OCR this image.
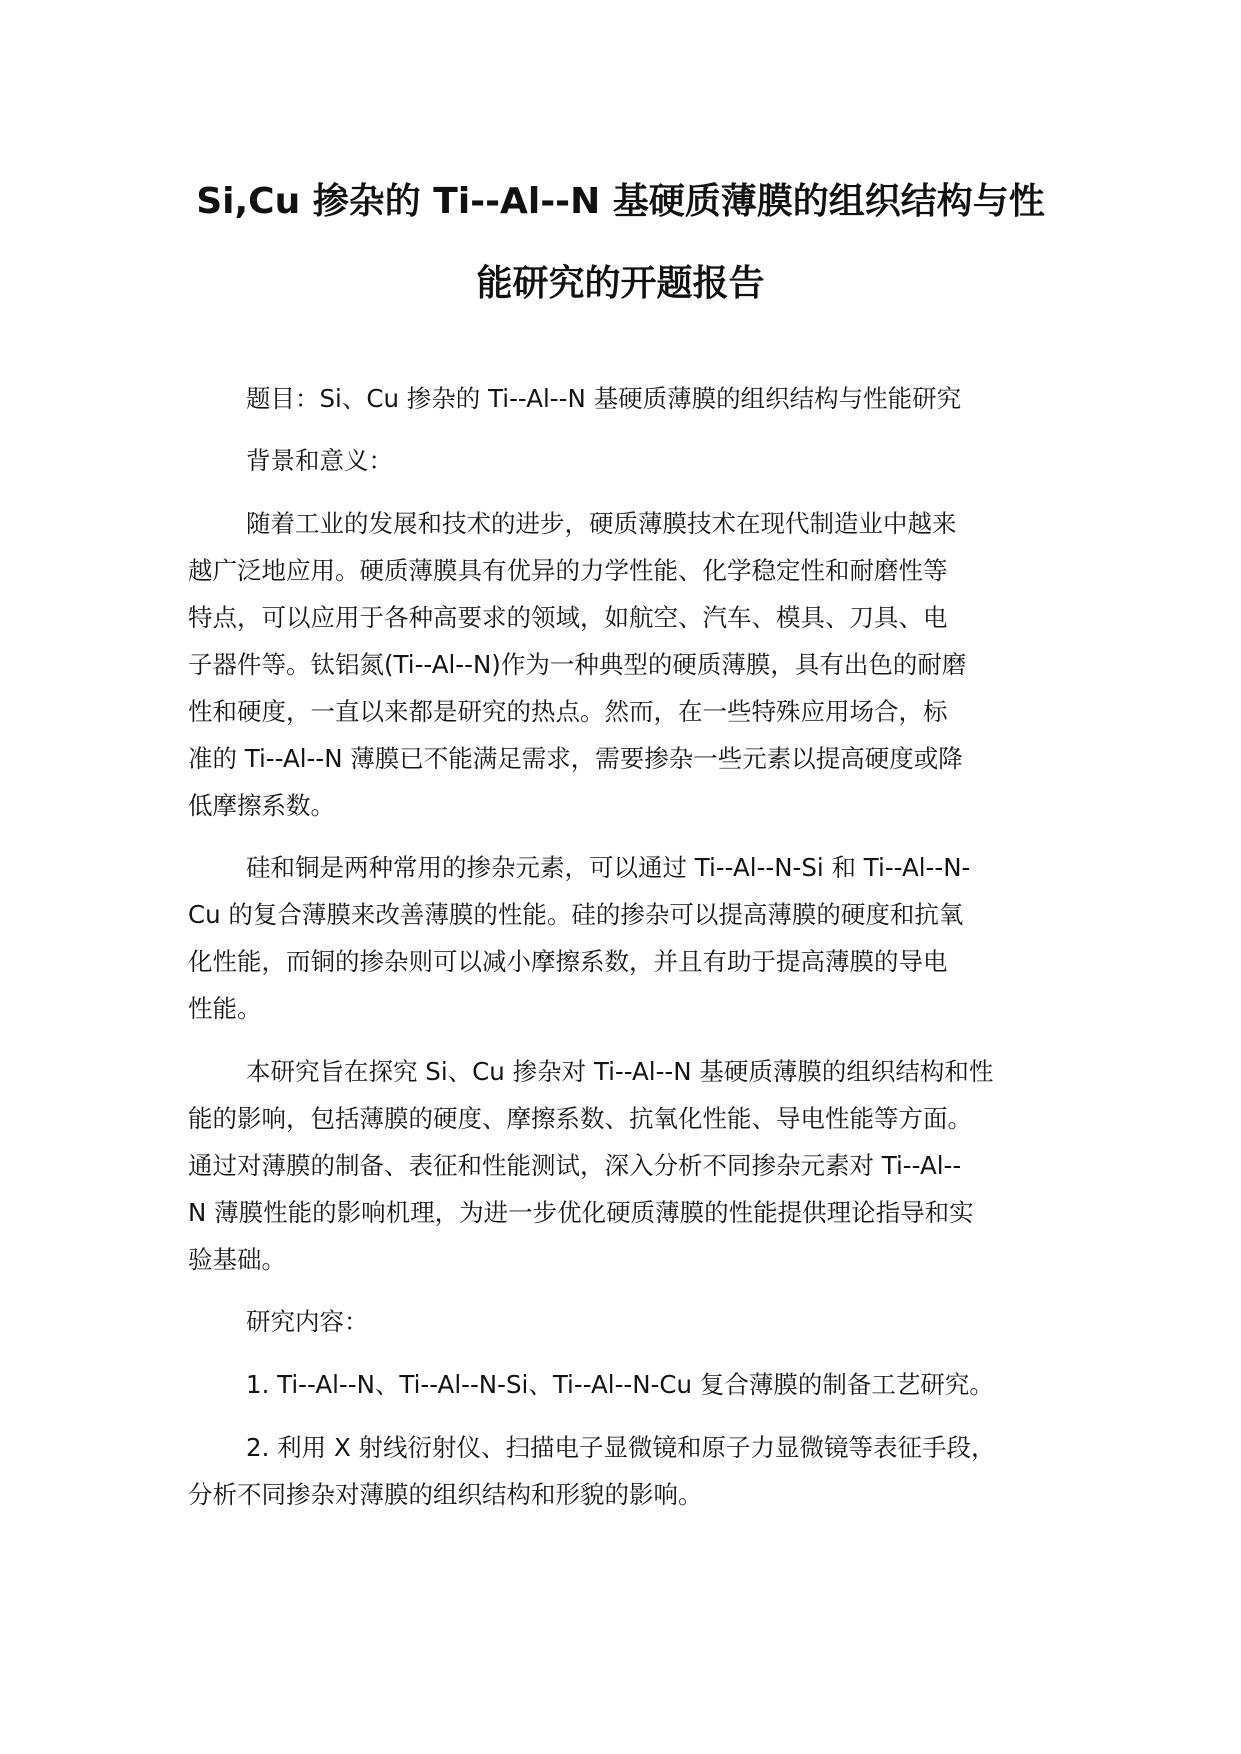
Si,Cu 掺杂的 Ti--Al--N 基硬质薄膜的组织结构与性
能研究的开题报告
题目：Si、Cu 掺杂的 Ti--Al--N 基硬质薄膜的组织结构与性能研究
背景和意义：
随着工业的发展和技术的进步，硬质薄膜技术在现代制造业中越来
越广泛地应用。硬质薄膜具有优异的力学性能、化学稳定性和耐磨性等
特点，可以应用于各种高要求的领域，如航空、汽车、模具、刀具、电
子器件等。钛铝氮(Ti--Al--N)作为一种典型的硬质薄膜，具有出色的耐磨
性和硬度，一直以来都是研究的热点。然而，在一些特殊应用场合，标
准的 Ti--Al--N 薄膜已不能满足需求，需要掺杂一些元素以提高硬度或降
低摩擦系数。
硅和铜是两种常用的掺杂元素，可以通过 Ti--Al--N-Si 和 Ti--Al--N-
Cu 的复合薄膜来改善薄膜的性能。硅的掺杂可以提高薄膜的硬度和抗氧
化性能，而铜的掺杂则可以减小摩擦系数，并且有助于提高薄膜的导电
性能。
本研究旨在探究 Si、Cu 掺杂对 Ti--Al--N 基硬质薄膜的组织结构和性
能的影响，包括薄膜的硬度、摩擦系数、抗氧化性能、导电性能等方面。
通过对薄膜的制备、表征和性能测试，深入分析不同掺杂元素对 Ti--Al--
N 薄膜性能的影响机理，为进一步优化硬质薄膜的性能提供理论指导和实
验基础。
研究内容：
1. Ti--Al--N、Ti--Al--N-Si、Ti--Al--N-Cu 复合薄膜的制备工艺研究。
2. 利用 X 射线衍射仪、扫描电子显微镜和原子力显微镜等表征手段，
分析不同掺杂对薄膜的组织结构和形貌的影响。
